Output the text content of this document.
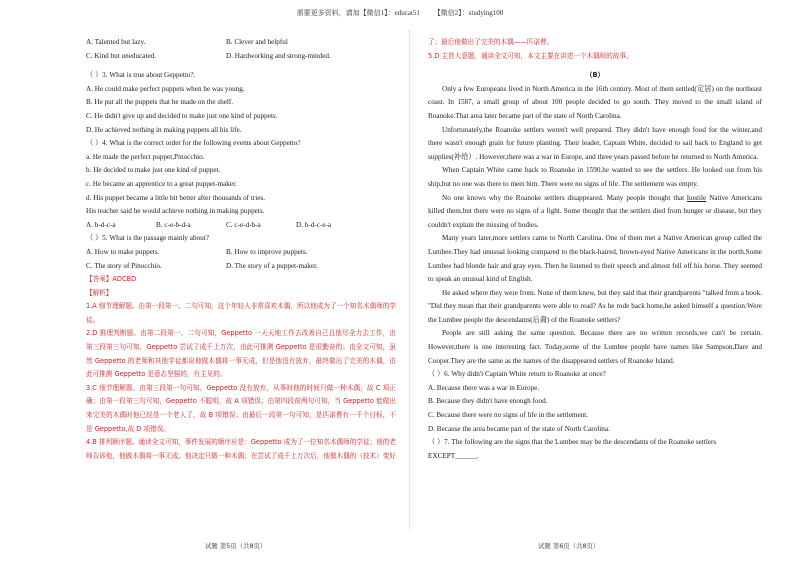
需要更多资料，请加【微信1】：educat51 【微信2】：studying100
A. Talented but lazy.	B. Clever and helpful
C. Kind but uneducated.	D. Hardworking and strong-minded.
（ ）3. What is true about Geppetto?.
A. He could make perfect puppets when he was young.
B. He put all the puppets that he made on the shelf.
C. He didn't give up and decided to make just one kind of puppets.
D. He achieved nothing in making puppets all his life.
（ ）4. What is the correct order for the following events about Geppetto?
a. He made the perfect puppet,Pinocchio.
b. He decided to make just one kind of puppet.
c. He became an apprentice to a great puppet-maker.
d. His puppet became a little bit better after thousands of tries.
His teacher said he would achieve nothing in making puppets.
A. b-d-c-a	B. c-e-b-d-a	C. c-e-d-b-a	D. b-d-c-e-a
（ ）5. What is the passage mainly about?
A. How to make puppets.	B. How to improve puppets.
C. The story of Pinocchio.	D. The story of a puppet-maker.
【答案】ADCBD
【解析】

1.A 细节理解题。由第一段第一、二句可知，这个年轻人非常喜欢木偶，所以他成为了一个知名木偶师的学徒。

2.D 推理判断题。由第二段第一、二句可知，Geppetto 一天天地工作去改善自己且他尽全力去工作，由第三段第三句可知，Geppetto 尝试了成千上万次，由此可推测 Geppetto 是很勤奋的；由全文可知，虽然 Geppetto 的老师和其他学徒都说他做木偶将一事无成，但是他没有放弃，最终做出了完美的木偶，由此可推测 Geppetto 是意志坚强的，有主见的。

3.C 细节理解题。由第三段第一句可知，Geppetto 没有放弃，从事时他的时间只做一种木偶，故 C 项正确；由第一段第三句可知，Geppetto 不聪明，故 A 项错误；由第四段前两句可知，当 Geppetto 能做出来完美的木偶时他已经是一个老人了，故 B 项错误；由最后一段第一句可知，是匹诺曹有一千个目标，不是 Geppetto,故 D 项错误。

4.B 排列顺序题。通读全文可知，事件发展的顺序应是：Geppetto 成为了一位知名木偶师的学徒；他的老师告诉他，他做木偶将一事无成；他决定只做一种木偶；在尝试了成千上万次后，他做木偶的（技术）变好

试题 第5页（共8页）
了；最后他做出了完美的木偶——匹诺曹。
5.D 主旨大意题。通读全文可知，本文主要在讲述一个木偶师的故事。
（B）

Only a few Europeans lived in North America in the 16th century. Most of them settled(定居) on the northeast coast. In 1587, a small group of about 100 people decided to go south. They moved to the small island of Roanoke.That area later became part of the state of North Carolina.

Unfortunately,the Roanoke settlers weren't well prepared. They didn't have enough food for the winter,and there wasn't enough grain for future planting. Their leader, Captain White, decided to sail back to England to get supplies(补给）. However,there was a war in Europe, and three years passed before he returned to North America.

When Captain White came back to Roanoke in 1590,he wanted to see the settlers. He looked out from his ship,but no one was there to meet him. There were no signs of life. The settlement was empty.

No one knows why the Roanoke settlers disappeared. Many people thought that hostile Native Americans killed them,but there were no signs of a fight. Some thought that the settlers died from hunger or disease, but they couldn't explain the missing of bodies.

Many years later,more settlers came to North Carolina. One of them met a Native American group called the Lumbee.They had unusual looking compared to the black-haired, brown-eyed Native Americans in the north.Some Lumbee had blonde hair and gray eyes. Then he listened to their speech and almost fell off his horse. They seemed to speak an unusual kind of English.

He asked where they were from. None of them knew, but they said that their grandparents "talked from a book. "Did they mean that their grandparents were able to read? As he rode back home,he asked himself a question:Were the Lumbee people the descendants(后裔) of the Roanoke settlers?

People are still asking the same question. Because there are no written records,we can't be certain. However,there is one interesting fact. Today,some of the Lumbee people have names like Sampson,Dare and Cooper.They are the same as the names of the disappeared settlers of Roanoke Island.

（ ）6. Why didn't Captain White return to Roanoke at once?
A. Because there was a war in Europe.
B. Because they didn't have enough food.
C. Because there were no signs of life in the settlement.
D. Because the area became part of the state of North Carolina.
（ ）7. The following are the signs that the Lumbee may be the descendants of the Roanoke settlers
EXCEPT______.
试题 第6页（共8页）
